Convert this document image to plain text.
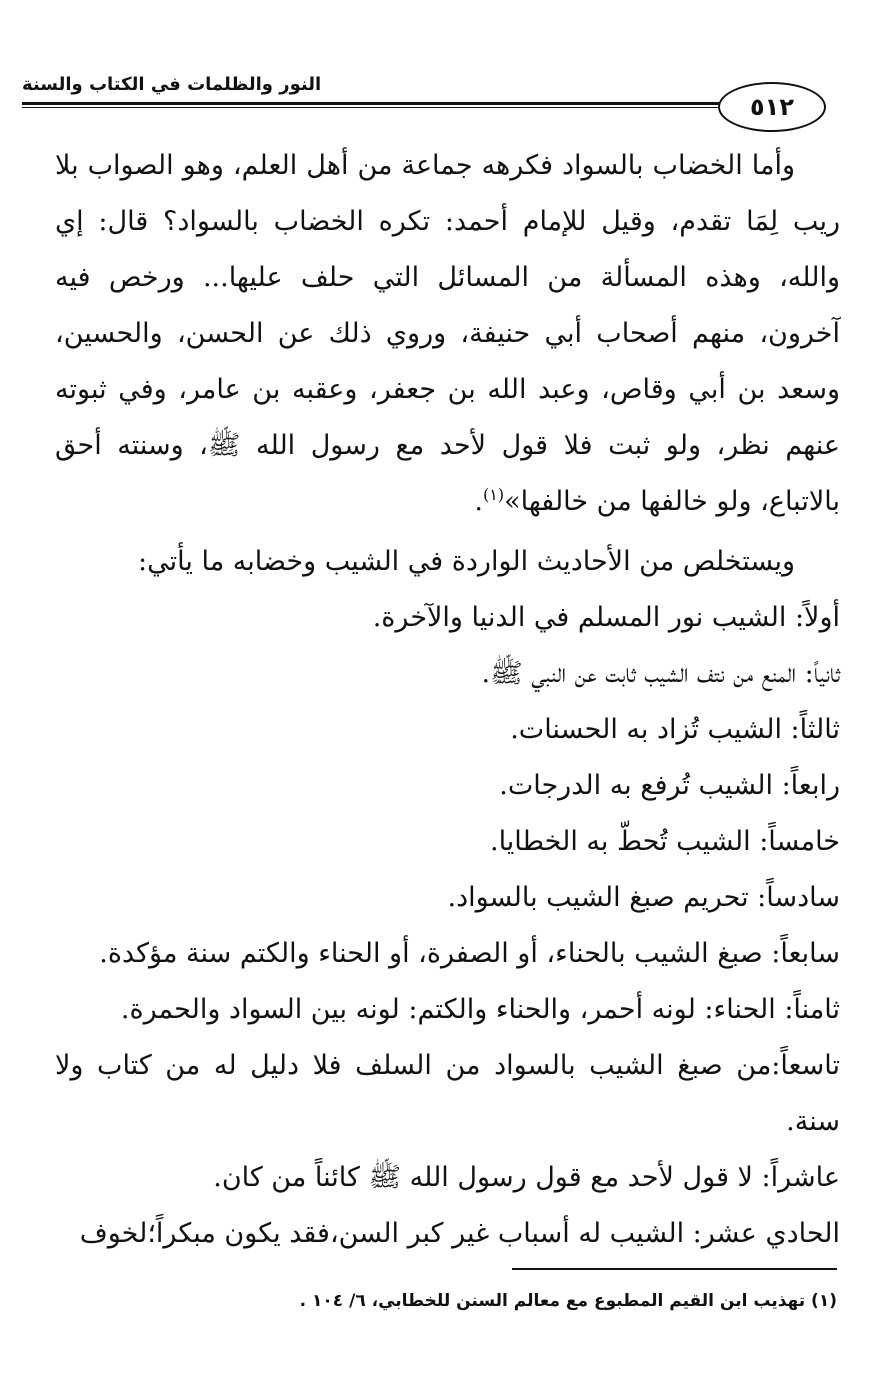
النور والظلمات في الكتاب والسنة
٥١٢

وأما الخضاب بالسواد فكرهه جماعة من أهل العلم، وهو الصواب بلا ريب لِمَا تقدم، وقيل للإمام أحمد: تكره الخضاب بالسواد؟ قال: إي والله، وهذه المسألة من المسائل التي حلف عليها... ورخص فيه آخرون، منهم أصحاب أبي حنيفة، وروي ذلك عن الحسن، والحسين، وسعد بن أبي وقاص، وعبد الله بن جعفر، وعقبه بن عامر، وفي ثبوته عنهم نظر، ولو ثبت فلا قول لأحد مع رسول الله ﷺ، وسنته أحق بالاتباع، ولو خالفها من خالفها»$^{(١)}$.

ويستخلص من الأحاديث الواردة في الشيب وخضابه ما يأتي:

أولاً: الشيب نور المسلم في الدنيا والآخرة.
ثانياً: المنع من نتف الشيب ثابت عن النبي ﷺ.
ثالثاً: الشيب تُزاد به الحسنات.
رابعاً: الشيب تُرفع به الدرجات.
خامساً: الشيب تُحطّ به الخطايا.
سادساً: تحريم صبغ الشيب بالسواد.
سابعاً: صبغ الشيب بالحناء، أو الصفرة، أو الحناء والكتم سنة مؤكدة.
ثامناً: الحناء: لونه أحمر، والحناء والكتم: لونه بين السواد والحمرة.
تاسعاً:من صبغ الشيب بالسواد من السلف فلا دليل له من كتاب ولا سنة.
عاشراً: لا قول لأحد مع قول رسول الله ﷺ كائناً من كان.
الحادي عشر: الشيب له أسباب غير كبر السن،فقد يكون مبكراً؛لخوف
(١) تهذيب ابن القيم المطبوع مع معالم السنن للخطابي، ٦/ ١٠٤ .
